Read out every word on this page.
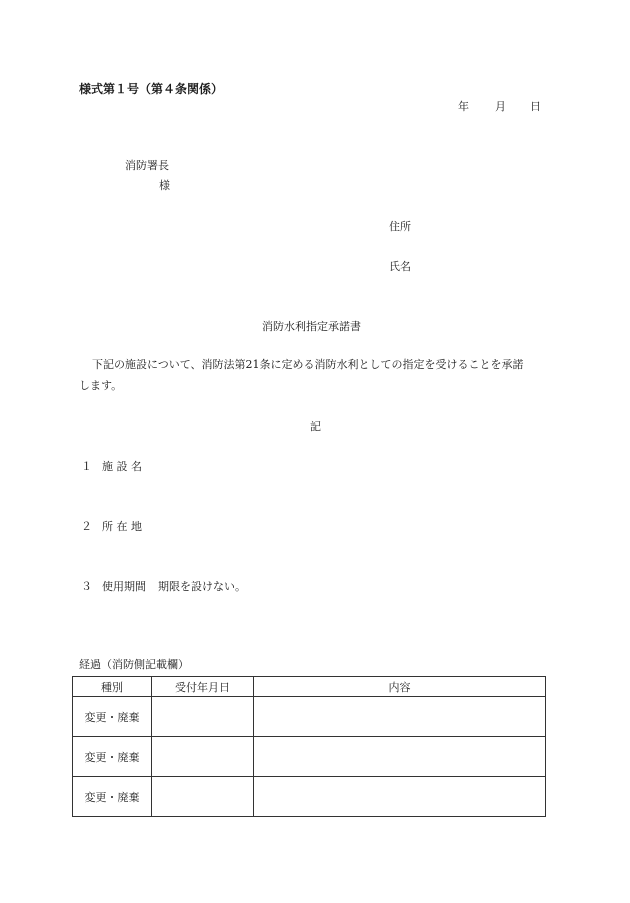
様式第１号（第４条関係）
年 月 日
消防署長
様
住所
氏名
消防水利指定承諾書
下記の施設について、消防法第21条に定める消防水利としての指定を受けることを承諾
します。
記
１ 施 設 名
２ 所 在 地
３ 使用期間 期限を設けない。
経過（消防側記載欄）
種別	受付年月日	内容
変更・廃棄		
変更・廃棄		
変更・廃棄		
